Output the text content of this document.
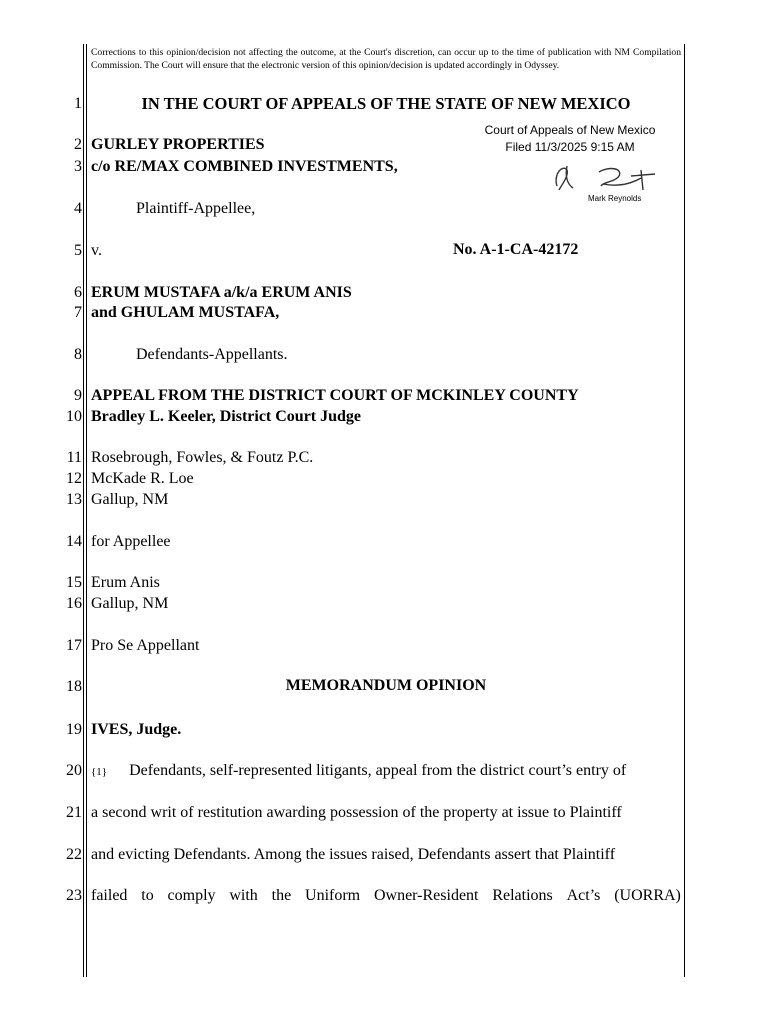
Corrections to this opinion/decision not affecting the outcome, at the Court's discretion, can occur up to the time of publication with NM Compilation Commission. The Court will ensure that the electronic version of this opinion/decision is updated accordingly in Odyssey.
1
2
3
4
5
6
7
8
9
10
11
12
13
14
15
16
17
18
19
20
21
22
23
IN THE COURT OF APPEALS OF THE STATE OF NEW MEXICO
Court of Appeals of New Mexico
Filed 11/3/2025 9:15 AM
Mark Reynolds
GURLEY PROPERTIES
c/o RE/MAX COMBINED INVESTMENTS,
Plaintiff-Appellee,
v.	No. A-1-CA-42172
ERUM MUSTAFA a/k/a ERUM ANIS
and GHULAM MUSTAFA,
Defendants-Appellants.
APPEAL FROM THE DISTRICT COURT OF MCKINLEY COUNTY
Bradley L. Keeler, District Court Judge
Rosebrough, Fowles, & Foutz P.C.
McKade R. Loe
Gallup, NM
for Appellee
Erum Anis
Gallup, NM
Pro Se Appellant
MEMORANDUM OPINION
IVES, Judge.
{1} Defendants, self-represented litigants, appeal from the district court’s entry of
a second writ of restitution awarding possession of the property at issue to Plaintiff
and evicting Defendants. Among the issues raised, Defendants assert that Plaintiff
failed to comply with the Uniform Owner-Resident Relations Act’s (UORRA)
